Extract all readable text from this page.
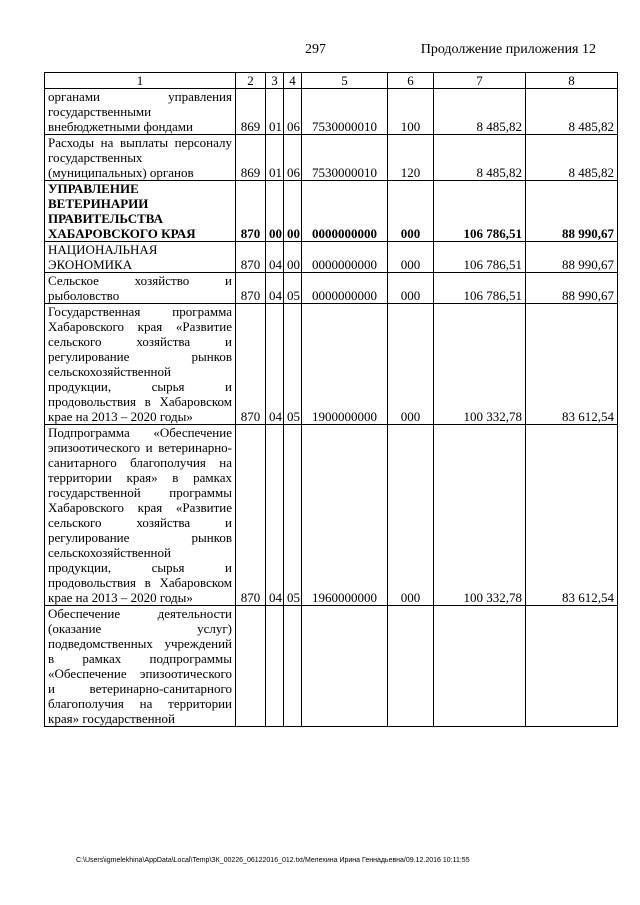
297	Продолжение приложения 12
1	2	3	4	5	6	7	8
органами управления государственными внебюджетными фондами	869	01	06	7530000010	100	8 485,82	8 485,82
Расходы на выплаты персоналу государственных (муниципальных) органов	869	01	06	7530000010	120	8 485,82	8 485,82
УПРАВЛЕНИЕ ВЕТЕРИНАРИИ ПРАВИТЕЛЬСТВА ХАБАРОВСКОГО КРАЯ	870	00	00	0000000000	000	106 786,51	88 990,67
НАЦИОНАЛЬНАЯ ЭКОНОМИКА	870	04	00	0000000000	000	106 786,51	88 990,67
Сельское хозяйство и рыболовство	870	04	05	0000000000	000	106 786,51	88 990,67
Государственная программа Хабаровского края «Развитие сельского хозяйства и регулирование рынков сельскохозяйственной продукции, сырья и продовольствия в Хабаровском крае на 2013 – 2020 годы»	870	04	05	1900000000	000	100 332,78	83 612,54
Подпрограмма «Обеспечение эпизоотического и ветеринарно-санитарного благополучия на территории края» в рамках государственной программы Хабаровского края «Развитие сельского хозяйства и регулирование рынков сельскохозяйственной продукции, сырья и продовольствия в Хабаровском крае на 2013 – 2020 годы»	870	04	05	1960000000	000	100 332,78	83 612,54
Обеспечение деятельности (оказание услуг) подведомственных учреждений в рамках подпрограммы «Обеспечение эпизоотического и ветеринарно-санитарного благополучия на территории края» государственной							
C:\Users\igmelekhina\AppData\Local\Temp\ЗК_00226_06122016_012.txt/Мелехина Ирина Геннадьевна/09.12.2016 10:11:55
